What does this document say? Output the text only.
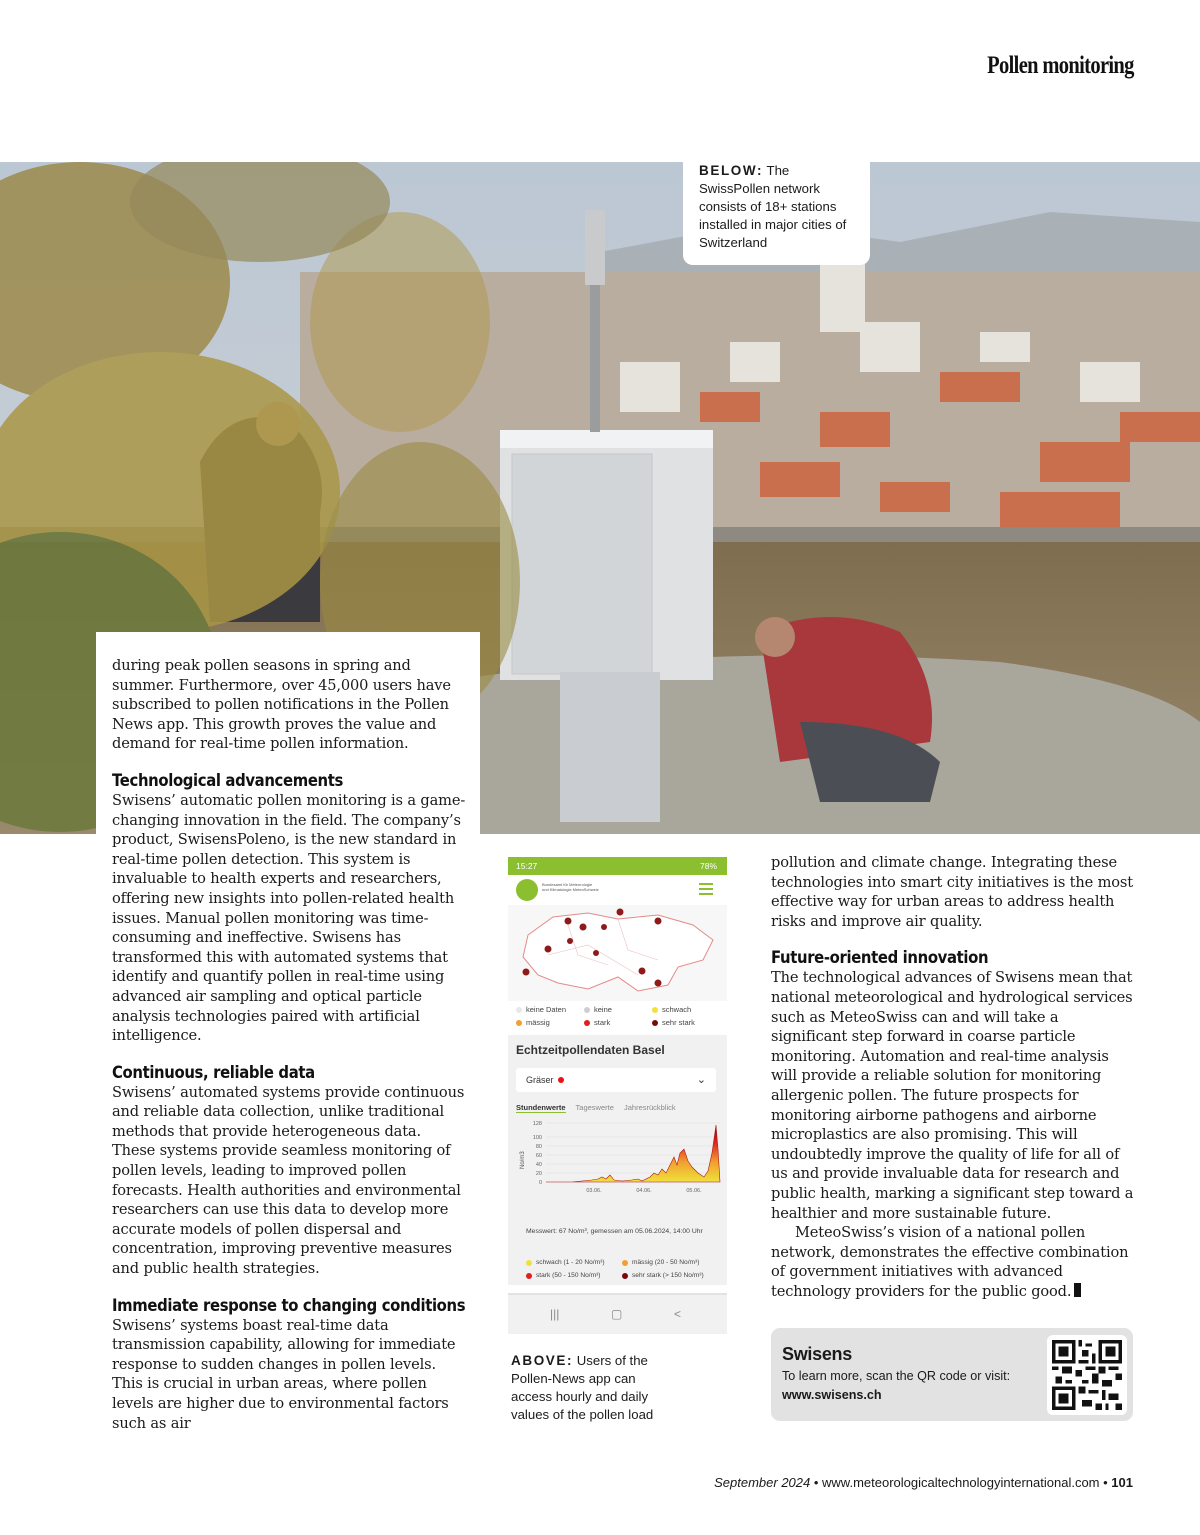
Pollen monitoring
BELOW: The SwissPollen network consists of 18+ stations installed in major cities of Switzerland

during peak pollen seasons in spring and summer. Furthermore, over 45,000 users have subscribed to pollen notifications in the Pollen News app. This growth proves the value and demand for real-time pollen information.

Technological advancements

Swisens’ automatic pollen monitoring is a game-changing innovation in the field. The company’s product, SwisensPoleno, is the new standard in real-time pollen detection. This system is invaluable to health experts and researchers, offering new insights into pollen-related health issues. Manual pollen monitoring was time-consuming and ineffective. Swisens has transformed this with automated systems that identify and quantify pollen in real-time using advanced air sampling and optical particle analysis technologies paired with artificial intelligence.

Continuous, reliable data

Swisens’ automated systems provide continuous and reliable data collection, unlike traditional methods that provide heterogeneous data. These systems provide seamless monitoring of pollen levels, leading to improved pollen forecasts. Health authorities and environmental researchers can use this data to develop more accurate models of pollen dispersal and concentration, improving preventive measures and public health strategies.

Immediate response to changing conditions

Swisens’ systems boast real-time data transmission capability, allowing for immediate response to sudden changes in pollen levels. This is crucial in urban areas, where pollen levels are higher due to environmental factors such as air

15:27	78%
Bundesamt für Meteorologie
und Klimatologie MeteoSchweiz
keine Daten	keine	schwach
mässig	stark	sehr stark
Echtzeitpollendaten Basel
Gräser	⌄
Stundenwerte Tageswerte Jahresrückblick
No/m3
128
100
80
60
40
20
0
03.06.	04.06.	05.06.
Messwert: 67 No/m³, gemessen am 05.06.2024, 14:00 Uhr
schwach (1 - 20 No/m³)	mässig (20 - 50 No/m³)
stark (50 - 150 No/m³)	sehr stark (> 150 No/m³)
|||	▢	<
ABOVE: Users of the Pollen-News app can access hourly and daily values of the pollen load

pollution and climate change. Integrating these technologies into smart city initiatives is the most effective way for urban areas to address health risks and improve air quality.

Future-oriented innovation

The technological advances of Swisens mean that national meteorological and hydrological services such as MeteoSwiss can and will take a significant step forward in coarse particle monitoring. Automation and real-time analysis will provide a reliable solution for monitoring allergenic pollen. The future prospects for monitoring airborne pathogens and airborne microplastics are also promising. This will undoubtedly improve the quality of life for all of us and provide invaluable data for research and public health, marking a significant step toward a healthier and more sustainable future.

MeteoSwiss’s vision of a national pollen network, demonstrates the effective combination of government initiatives with advanced technology providers for the public good.

Swisens
To learn more, scan the QR code or visit:
www.swisens.ch
September 2024 • www.meteorologicaltechnologyinternational.com • 101
